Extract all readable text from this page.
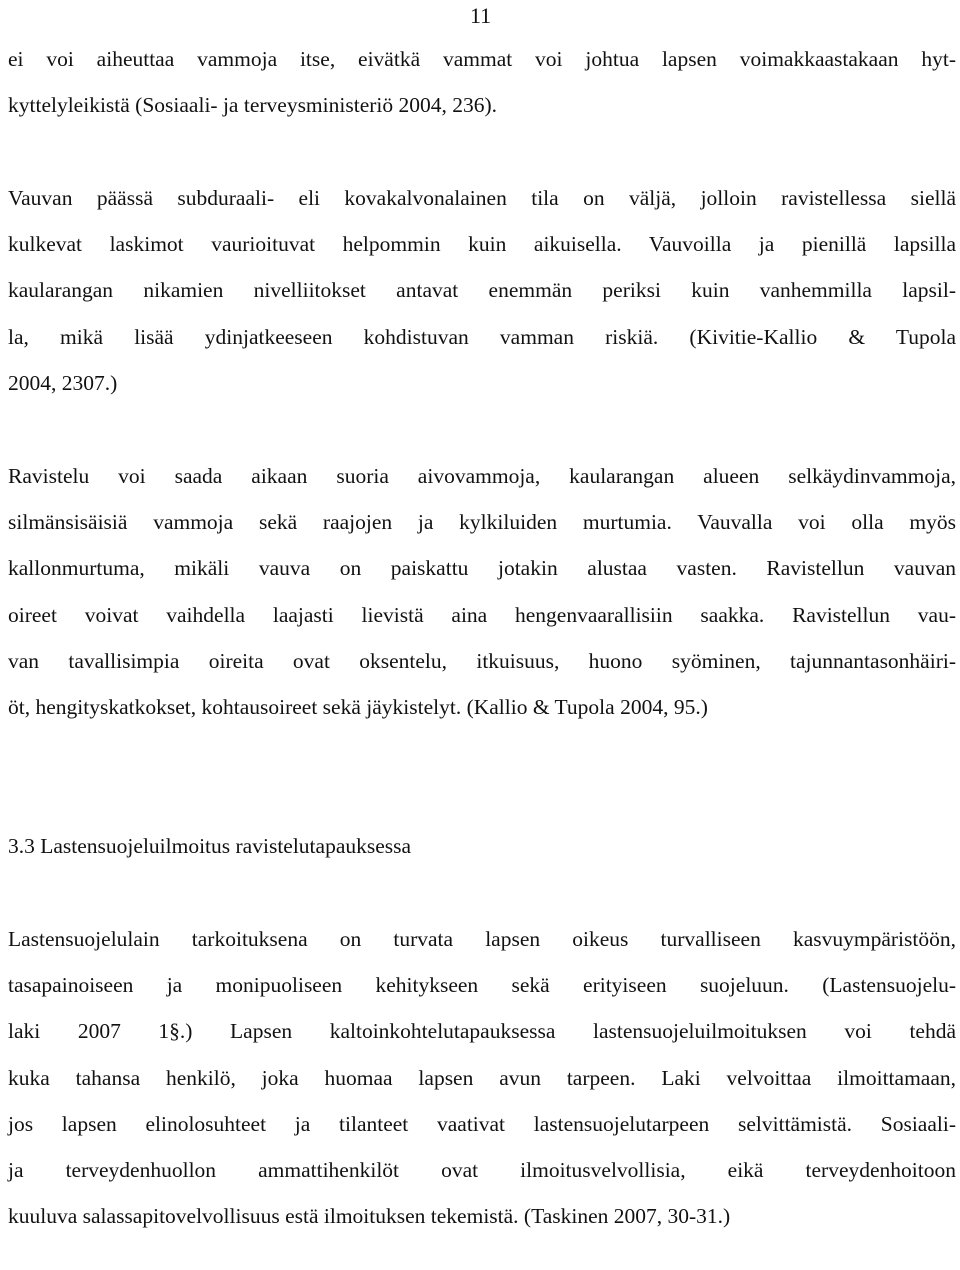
11
ei voi aiheuttaa vammoja itse, eivätkä vammat voi johtua lapsen voimakkaastakaan hyt-
kyttelyleikistä (Sosiaali- ja terveysministeriö 2004, 236).
Vauvan päässä subduraali- eli kovakalvonalainen tila on väljä, jolloin ravistellessa siellä
kulkevat laskimot vaurioituvat helpommin kuin aikuisella. Vauvoilla ja pienillä lapsilla
kaularangan nikamien nivelliitokset antavat enemmän periksi kuin vanhemmilla lapsil-
la, mikä lisää ydinjatkeeseen kohdistuvan vamman riskiä. (Kivitie-Kallio & Tupola
2004, 2307.)
Ravistelu voi saada aikaan suoria aivovammoja, kaularangan alueen selkäydinvammoja,
silmänsisäisiä vammoja sekä raajojen ja kylkiluiden murtumia. Vauvalla voi olla myös
kallonmurtuma, mikäli vauva on paiskattu jotakin alustaa vasten. Ravistellun vauvan
oireet voivat vaihdella laajasti lievistä aina hengenvaarallisiin saakka. Ravistellun vau-
van tavallisimpia oireita ovat oksentelu, itkuisuus, huono syöminen, tajunnantasonhäiri-
öt, hengityskatkokset, kohtausoireet sekä jäykistelyt. (Kallio & Tupola 2004, 95.)
3.3 Lastensuojeluilmoitus ravistelutapauksessa
Lastensuojelulain tarkoituksena on turvata lapsen oikeus turvalliseen kasvuympäristöön,
tasapainoiseen ja monipuoliseen kehitykseen sekä erityiseen suojeluun. (Lastensuojelu-
laki 2007 1§.) Lapsen kaltoinkohtelutapauksessa lastensuojeluilmoituksen voi tehdä
kuka tahansa henkilö, joka huomaa lapsen avun tarpeen. Laki velvoittaa ilmoittamaan,
jos lapsen elinolosuhteet ja tilanteet vaativat lastensuojelutarpeen selvittämistä. Sosiaali-
ja terveydenhuollon ammattihenkilöt ovat ilmoitusvelvollisia, eikä terveydenhoitoon
kuuluva salassapitovelvollisuus estä ilmoituksen tekemistä. (Taskinen 2007, 30-31.)
